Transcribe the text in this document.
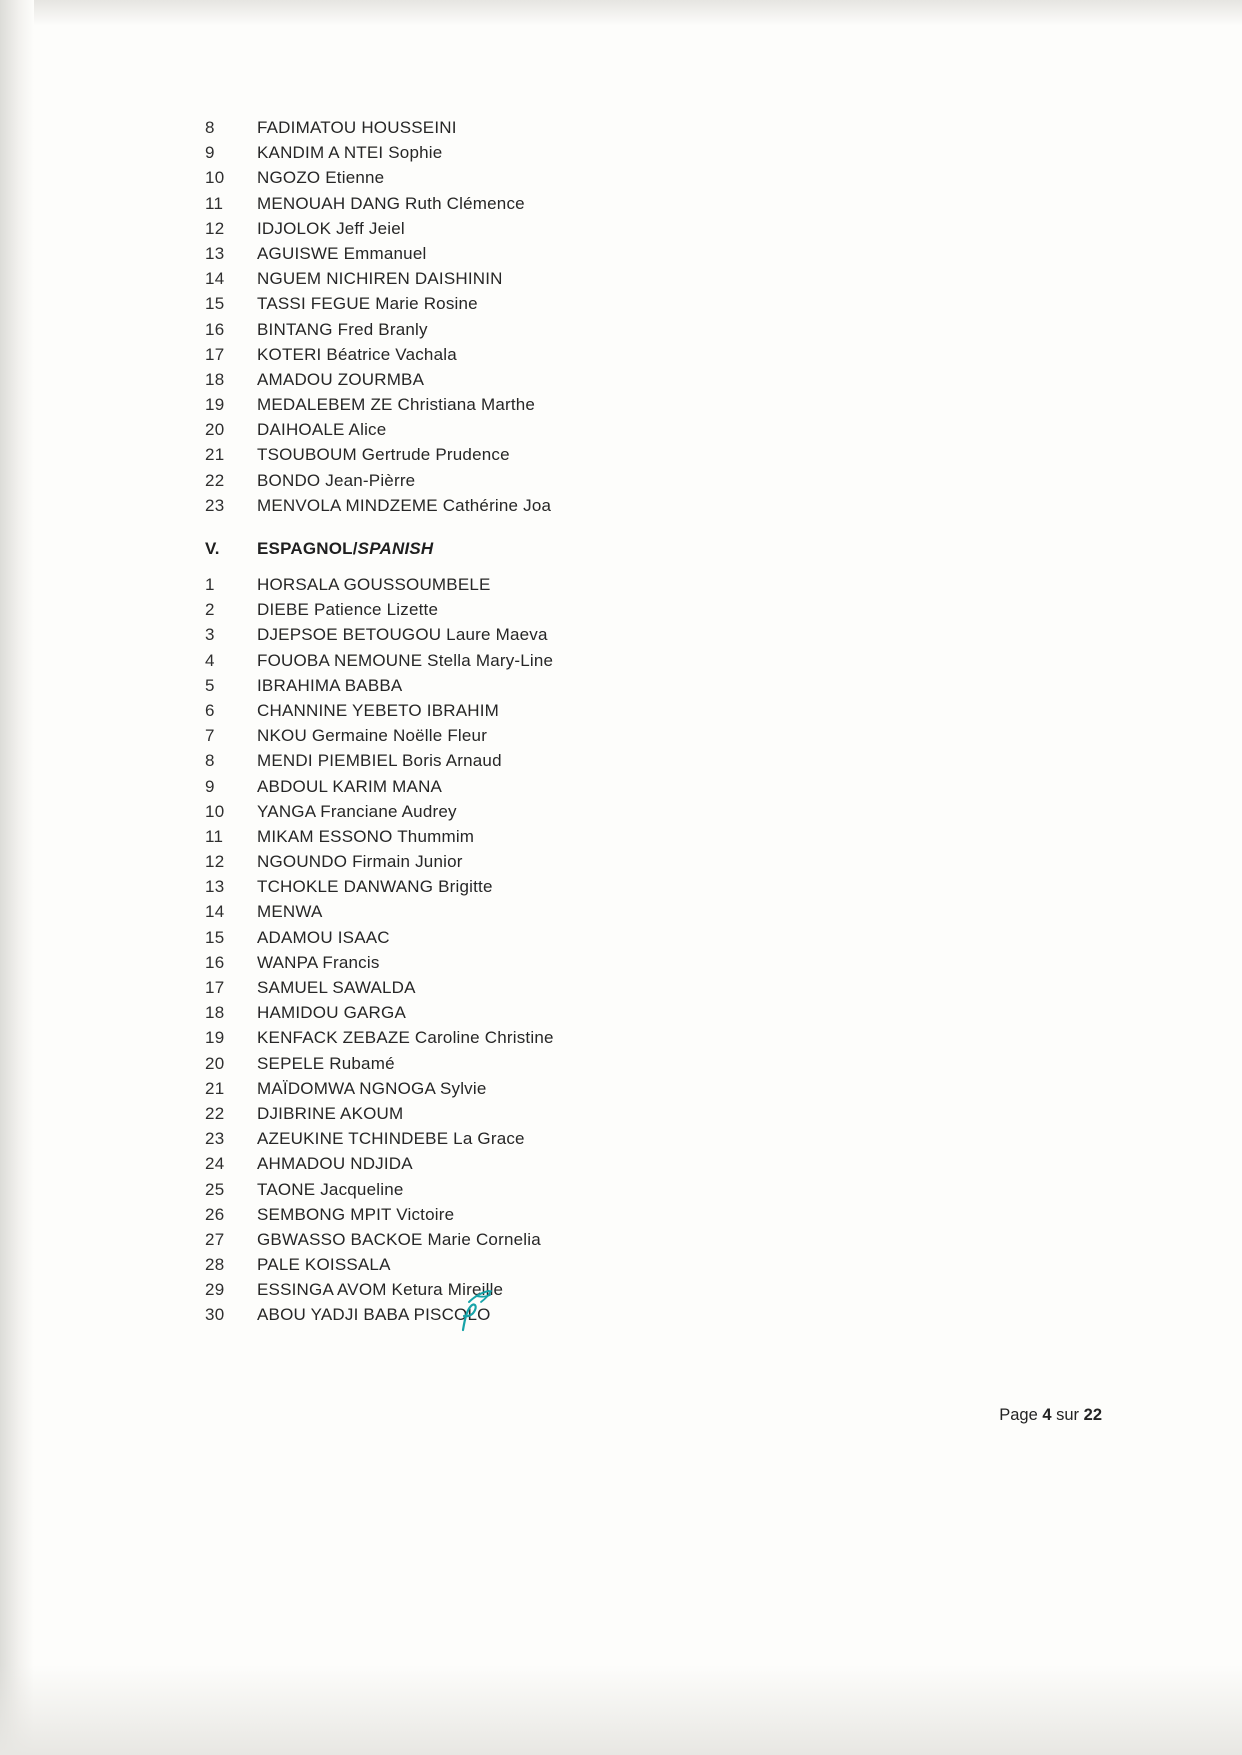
8	FADIMATOU HOUSSEINI
9	KANDIM A NTEI Sophie
10	NGOZO Etienne
11	MENOUAH DANG Ruth Clémence
12	IDJOLOK Jeff Jeiel
13	AGUISWE Emmanuel
14	NGUEM NICHIREN DAISHININ
15	TASSI FEGUE Marie Rosine
16	BINTANG Fred Branly
17	KOTERI Béatrice Vachala
18	AMADOU ZOURMBA
19	MEDALEBEM ZE Christiana Marthe
20	DAIHOALE Alice
21	TSOUBOUM Gertrude Prudence
22	BONDO Jean-Pièrre
23	MENVOLA MINDZEME Cathérine Joa
V.	ESPAGNOL/SPANISH
1	HORSALA GOUSSOUMBELE
2	DIEBE Patience Lizette
3	DJEPSOE BETOUGOU Laure Maeva
4	FOUOBA NEMOUNE Stella Mary-Line
5	IBRAHIMA BABBA
6	CHANNINE YEBETO IBRAHIM
7	NKOU Germaine Noëlle Fleur
8	MENDI PIEMBIEL Boris Arnaud
9	ABDOUL KARIM MANA
10	YANGA Franciane Audrey
11	MIKAM ESSONO Thummim
12	NGOUNDO Firmain Junior
13	TCHOKLE DANWANG Brigitte
14	MENWA
15	ADAMOU ISAAC
16	WANPA Francis
17	SAMUEL SAWALDA
18	HAMIDOU GARGA
19	KENFACK ZEBAZE Caroline Christine
20	SEPELE Rubamé
21	MAÏDOMWA NGNOGA Sylvie
22	DJIBRINE AKOUM
23	AZEUKINE TCHINDEBE La Grace
24	AHMADOU NDJIDA
25	TAONE Jacqueline
26	SEMBONG MPIT Victoire
27	GBWASSO BACKOE Marie Cornelia
28	PALE KOISSALA
29	ESSINGA AVOM Ketura Mireille
30	ABOU YADJI BABA PISCOLO
Page 4 sur 22
